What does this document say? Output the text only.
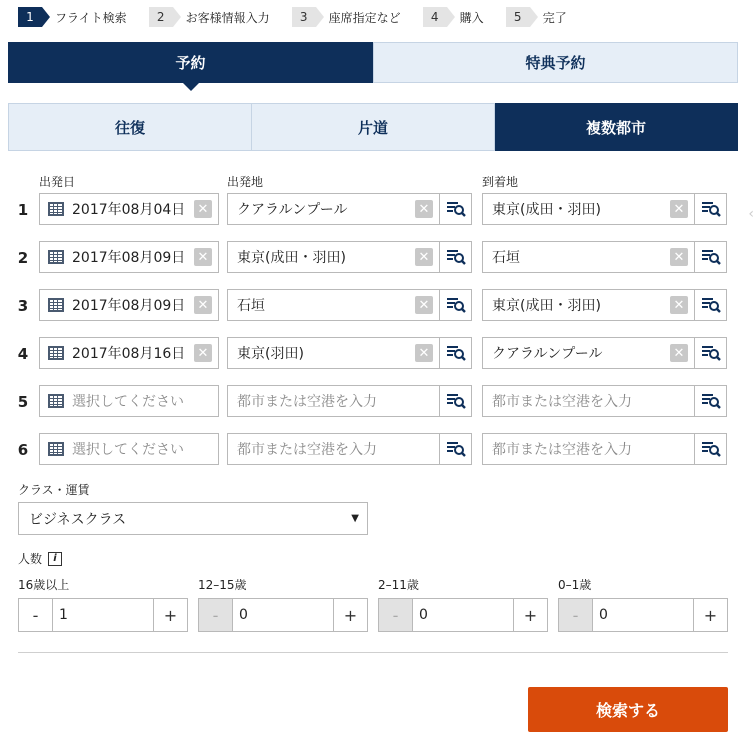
1	フライト検索	2	お客様情報入力	3	座席指定など	4	購入	5	完了
予約	特典予約
往復	片道	複数都市
出発日	出発地	到着地
‹
1	2017年08月04日 ✕	クアラルンプール	✕	東京(成田・羽田)	✕
2	2017年08月09日 ✕	東京(成田・羽田)	✕	石垣	✕
3	2017年08月09日 ✕	石垣	✕	東京(成田・羽田)	✕
4	2017年08月16日 ✕	東京(羽田)	✕	クアラルンプール	✕
5	選択してください	都市または空港を入力	都市または空港を入力
6	選択してください	都市または空港を入力	都市または空港を入力
クラス・運賃
ビジネスクラス	▼
人数	i
16歳以上
-	1	+
12–15歳
-	0	+
2–11歳
-	0	+
0–1歳
-	0	+
検索する
